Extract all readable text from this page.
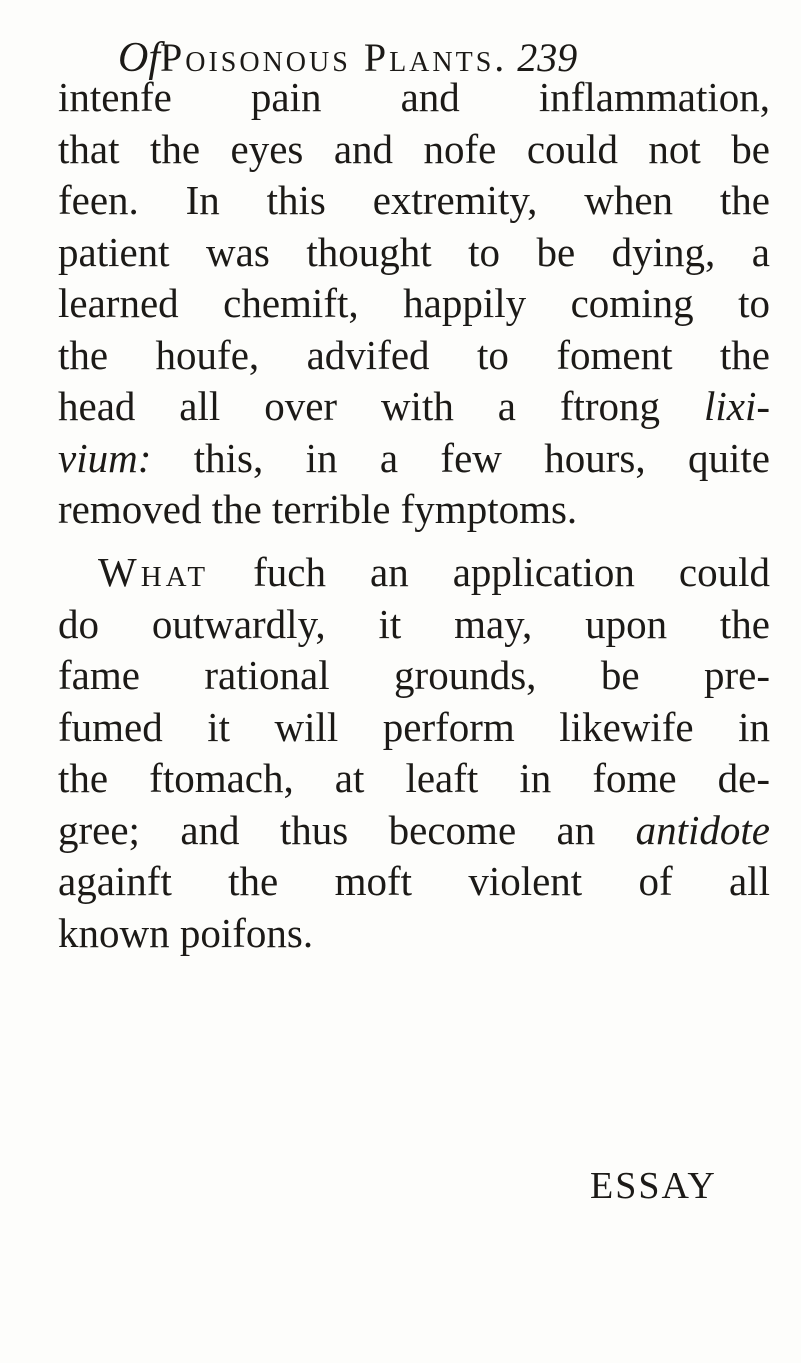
OfPoisonous Plants. 239
intenfe pain and inflammation,
that the eyes and nofe could not be
feen. In this extremity, when the
patient was thought to be dying, a
learned chemift, happily coming to
the houfe, advifed to foment the
head all over with a ftrong lixi-
vium: this, in a few hours, quite
removed the terrible fymptoms.
What fuch an application could
do outwardly, it may, upon the
fame rational grounds, be pre-
fumed it will perform likewife in
the ftomach, at leaft in fome de-
gree; and thus become an antidote
againft the moft violent of all
known poifons.
ESSAY
